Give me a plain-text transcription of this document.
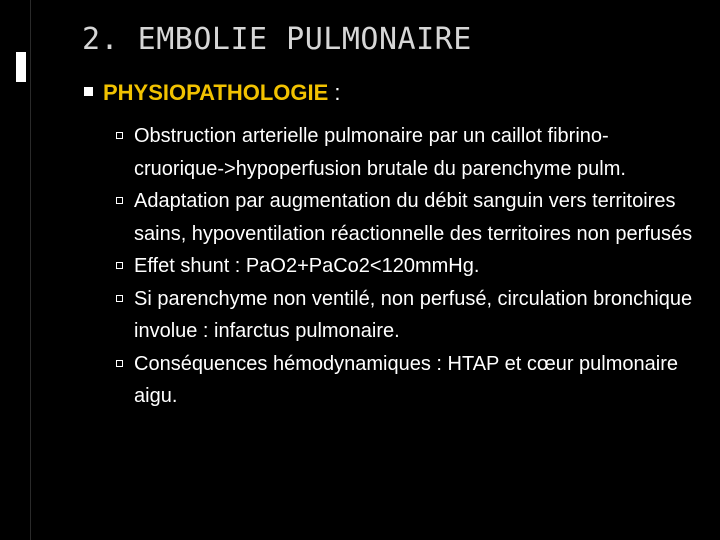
2. EMBOLIE PULMONAIRE
PHYSIOPATHOLOGIE :
Obstruction arterielle pulmonaire par un caillot fibrino-cruorique->hypoperfusion brutale du parenchyme pulm.
Adaptation par augmentation du débit sanguin vers territoires sains, hypoventilation réactionnelle des territoires non perfusés
Effet shunt : PaO2+PaCo2<120mmHg.
Si parenchyme non ventilé, non perfusé, circulation bronchique involue : infarctus pulmonaire.
Conséquences hémodynamiques : HTAP et cœur pulmonaire aigu.
